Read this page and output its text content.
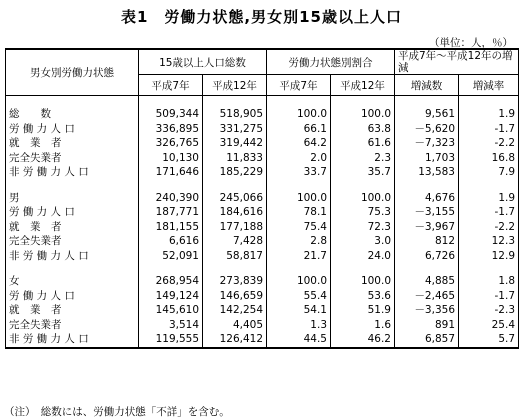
表1　労働力状態,男女別15歳以上人口
（単位：人，％）
男女別労働力状態	15歳以上人口総数		労働力状態別割合		平成7年～平成12年の増減	
	平成7年	平成12年	平成7年	平成12年	増減数	増減率

総　　数	509,344	518,905	100.0	100.0	9,561	1.9
労 働 力 人 口	336,895	331,275	66.1	63.8	－5,620	-1.7
就　業　者	326,765	319,442	64.2	61.6	－7,323	-2.2
完全失業者	10,130	11,833	2.0	2.3	1,703	16.8
非 労 働 力 人 口	171,646	185,229	33.7	35.7	13,583	7.9

男	240,390	245,066	100.0	100.0	4,676	1.9
労 働 力 人 口	187,771	184,616	78.1	75.3	－3,155	-1.7
就　業　者	181,155	177,188	75.4	72.3	－3,967	-2.2
完全失業者	6,616	7,428	2.8	3.0	812	12.3
非 労 働 力 人 口	52,091	58,817	21.7	24.0	6,726	12.9

女	268,954	273,839	100.0	100.0	4,885	1.8
労 働 力 人 口	149,124	146,659	55.4	53.6	－2,465	-1.7
就　業　者	145,610	142,254	54.1	51.9	－3,356	-2.3
完全失業者	3,514	4,405	1.3	1.6	891	25.4
非 労 働 力 人 口	119,555	126,412	44.5	46.2	6,857	5.7
（注）　総数には、労働力状態「不詳」を含む。
